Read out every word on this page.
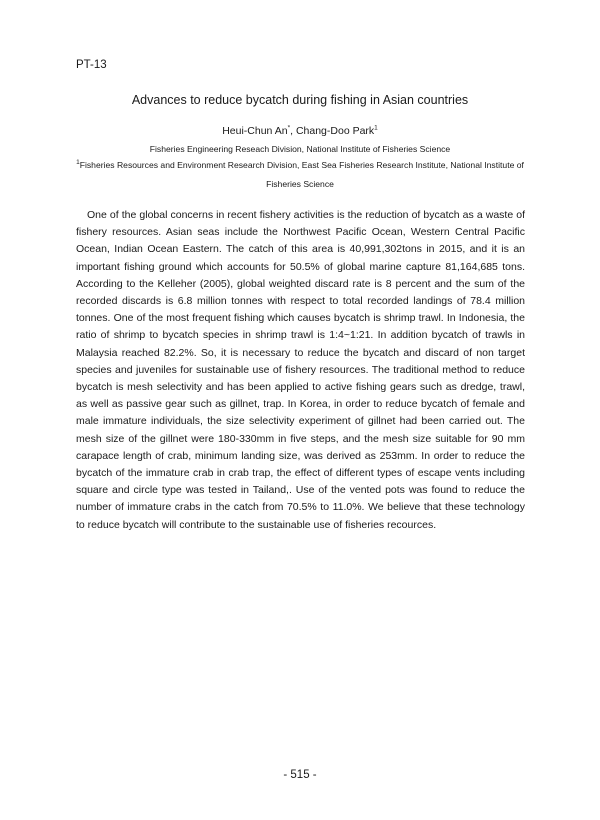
PT-13
Advances to reduce bycatch during fishing in Asian countries
Heui-Chun An*, Chang-Doo Park$^1$
Fisheries Engineering Reseach Division, National Institute of Fisheries Science
$^1$Fisheries Resources and Environment Research Division, East Sea Fisheries Research Institute, National Institute of
Fisheries Science

One of the global concerns in recent fishery activities is the reduction of bycatch as a waste of fishery resources. Asian seas include the Northwest Pacific Ocean, Western Central Pacific Ocean, Indian Ocean Eastern. The catch of this area is 40,991,302tons in 2015, and it is an important fishing ground which accounts for 50.5% of global marine capture 81,164,685 tons. According to the Kelleher (2005), global weighted discard rate is 8 percent and the sum of the recorded discards is 6.8 million tonnes with respect to total recorded landings of 78.4 million tonnes. One of the most frequent fishing which causes bycatch is shrimp trawl. In Indonesia, the ratio of shrimp to bycatch species in shrimp trawl is 1:4~1:21. In addition bycatch of trawls in Malaysia reached 82.2%. So, it is necessary to reduce the bycatch and discard of non target species and juveniles for sustainable use of fishery resources. The traditional method to reduce bycatch is mesh selectivity and has been applied to active fishing gears such as dredge, trawl, as well as passive gear such as gillnet, trap. In Korea, in order to reduce bycatch of female and male immature individuals, the size selectivity experiment of gillnet had been carried out. The mesh size of the gillnet were 180-330mm in five steps, and the mesh size suitable for 90 mm carapace length of crab, minimum landing size, was derived as 253mm. In order to reduce the bycatch of the immature crab in crab trap, the effect of different types of escape vents including square and circle type was tested in Tailand,. Use of the vented pots was found to reduce the number of immature crabs in the catch from 70.5% to 11.0%. We believe that these technology to reduce bycatch will contribute to the sustainable use of fisheries recources.

- 515 -
